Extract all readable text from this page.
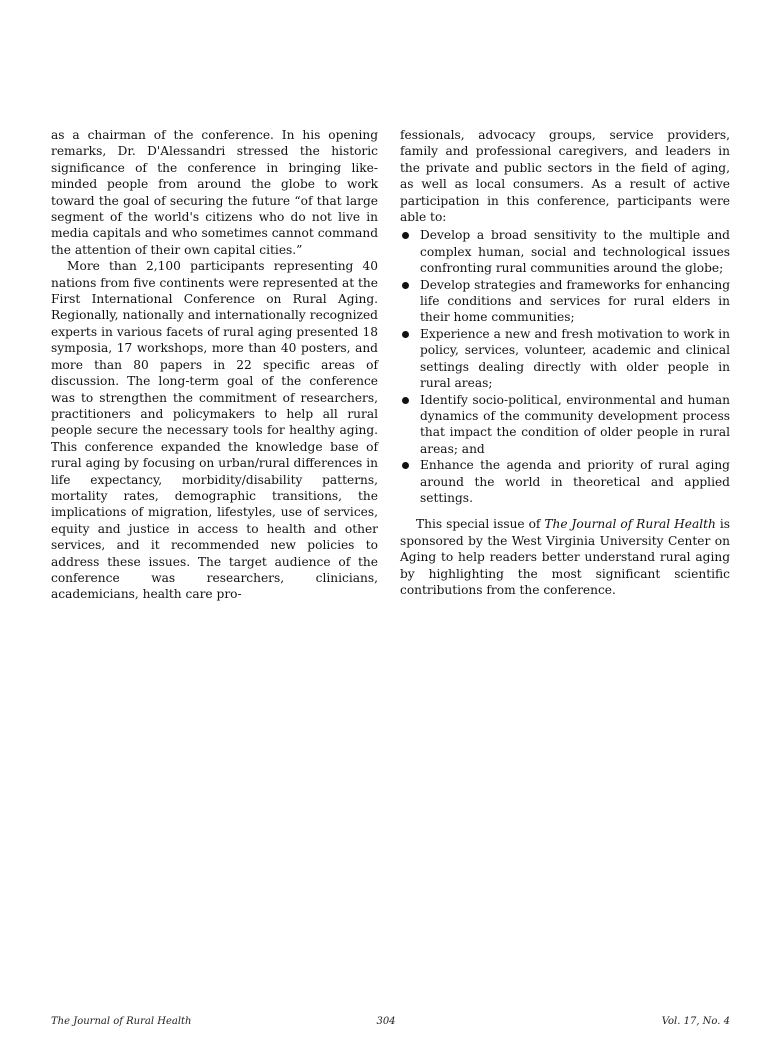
as a chairman of the conference. In his opening remarks, Dr. D'Alessandri stressed the historic significance of the conference in bringing like-minded people from around the globe to work toward the goal of securing the future “of that large segment of the world's citizens who do not live in media capitals and who sometimes cannot command the attention of their own capital cities.”

More than 2,100 participants representing 40 nations from five continents were represented at the First International Conference on Rural Aging. Regionally, nationally and internationally recognized experts in various facets of rural aging presented 18 symposia, 17 workshops, more than 40 posters, and more than 80 papers in 22 specific areas of discussion. The long-term goal of the conference was to strengthen the commitment of researchers, practitioners and policymakers to help all rural people secure the necessary tools for healthy aging. This conference expanded the knowledge base of rural aging by focusing on urban/rural differences in life expectancy, morbidity/disability patterns, mortality rates, demographic transitions, the implications of migration, lifestyles, use of services, equity and justice in access to health and other services, and it recommended new policies to address these issues. The target audience of the conference was researchers, clinicians, academicians, health care pro-

fessionals, advocacy groups, service providers, family and professional caregivers, and leaders in the private and public sectors in the field of aging, as well as local consumers. As a result of active participation in this conference, participants were able to:

Develop a broad sensitivity to the multiple and complex human, social and technological issues confronting rural communities around the globe;
Develop strategies and frameworks for enhancing life conditions and services for rural elders in their home communities;
Experience a new and fresh motivation to work in policy, services, volunteer, academic and clinical settings dealing directly with older people in rural areas;
Identify socio-political, environmental and human dynamics of the community development process that impact the condition of older people in rural areas; and
Enhance the agenda and priority of rural aging around the world in theoretical and applied settings.

This special issue of The Journal of Rural Health is sponsored by the West Virginia University Center on Aging to help readers better understand rural aging by highlighting the most significant scientific contributions from the conference.

The Journal of Rural Health	304	Vol. 17, No. 4
